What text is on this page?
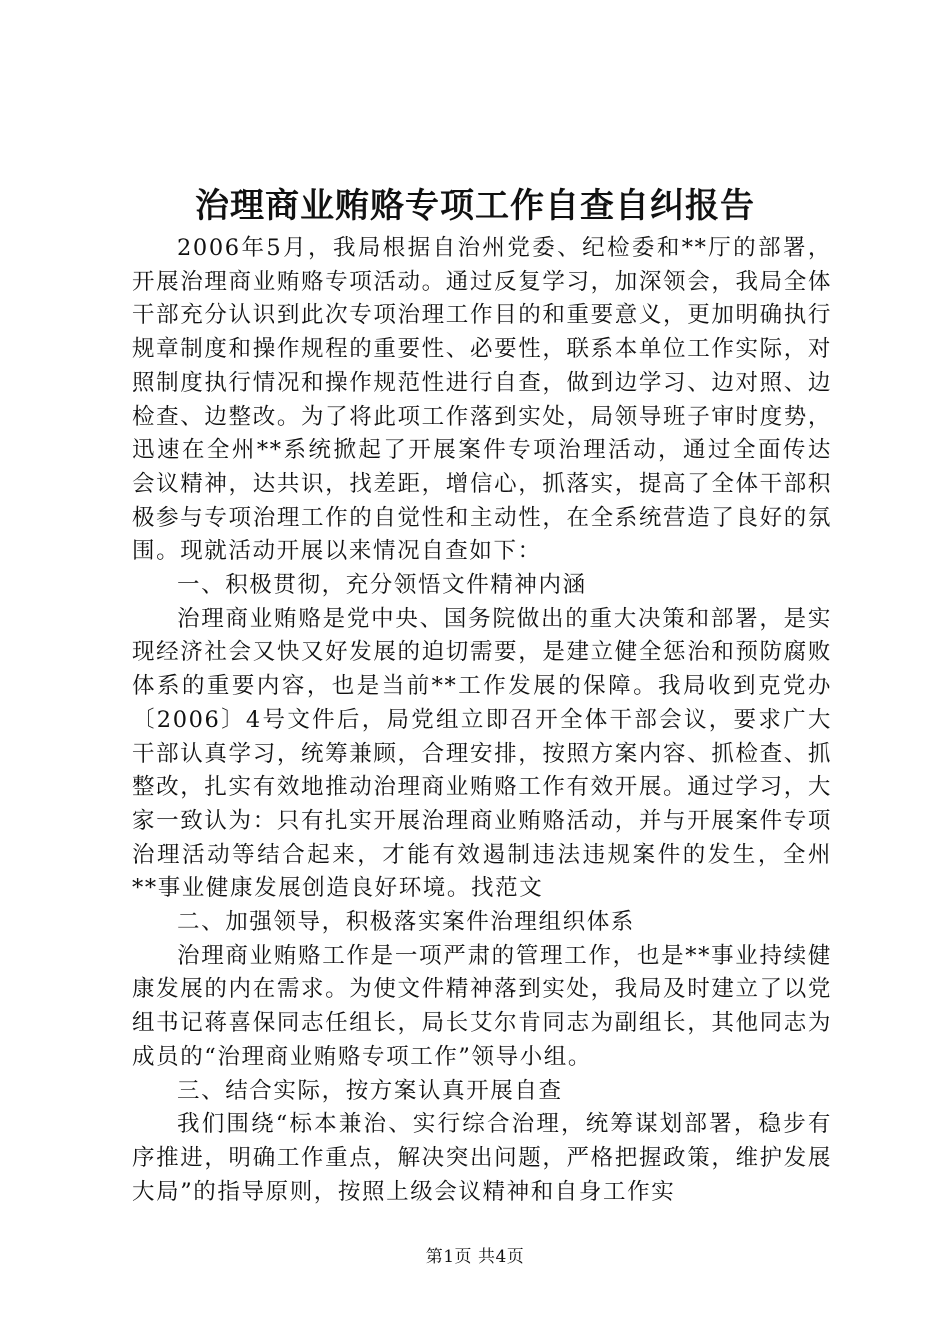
治理商业贿赂专项工作自查自纠报告

2006年5月，我局根据自治州党委、纪检委和**厅的部署，开展治理商业贿赂专项活动。通过反复学习，加深领会，我局全体干部充分认识到此次专项治理工作目的和重要意义，更加明确执行规章制度和操作规程的重要性、必要性，联系本单位工作实际，对照制度执行情况和操作规范性进行自查，做到边学习、边对照、边检查、边整改。为了将此项工作落到实处，局领导班子审时度势，迅速在全州**系统掀起了开展案件专项治理活动，通过全面传达会议精神，达共识，找差距，增信心，抓落实，提高了全体干部积极参与专项治理工作的自觉性和主动性，在全系统营造了良好的氛围。现就活动开展以来情况自查如下：

一、积极贯彻，充分领悟文件精神内涵

治理商业贿赂是党中央、国务院做出的重大决策和部署，是实现经济社会又快又好发展的迫切需要，是建立健全惩治和预防腐败体系的重要内容，也是当前**工作发展的保障。我局收到克党办〔2006〕4号文件后，局党组立即召开全体干部会议，要求广大干部认真学习，统筹兼顾，合理安排，按照方案内容、抓检查、抓整改，扎实有效地推动治理商业贿赂工作有效开展。通过学习，大家一致认为：只有扎实开展治理商业贿赂活动，并与开展案件专项治理活动等结合起来，才能有效遏制违法违规案件的发生，全州**事业健康发展创造良好环境。找范文

二、加强领导，积极落实案件治理组织体系

治理商业贿赂工作是一项严肃的管理工作，也是**事业持续健康发展的内在需求。为使文件精神落到实处，我局及时建立了以党组书记蒋喜保同志任组长，局长艾尔肯同志为副组长，其他同志为成员的“治理商业贿赂专项工作”领导小组。

三、结合实际，按方案认真开展自查

我们围绕“标本兼治、实行综合治理，统筹谋划部署，稳步有序推进，明确工作重点，解决突出问题，严格把握政策，维护发展大局”的指导原则，按照上级会议精神和自身工作实

第1页 共4页
